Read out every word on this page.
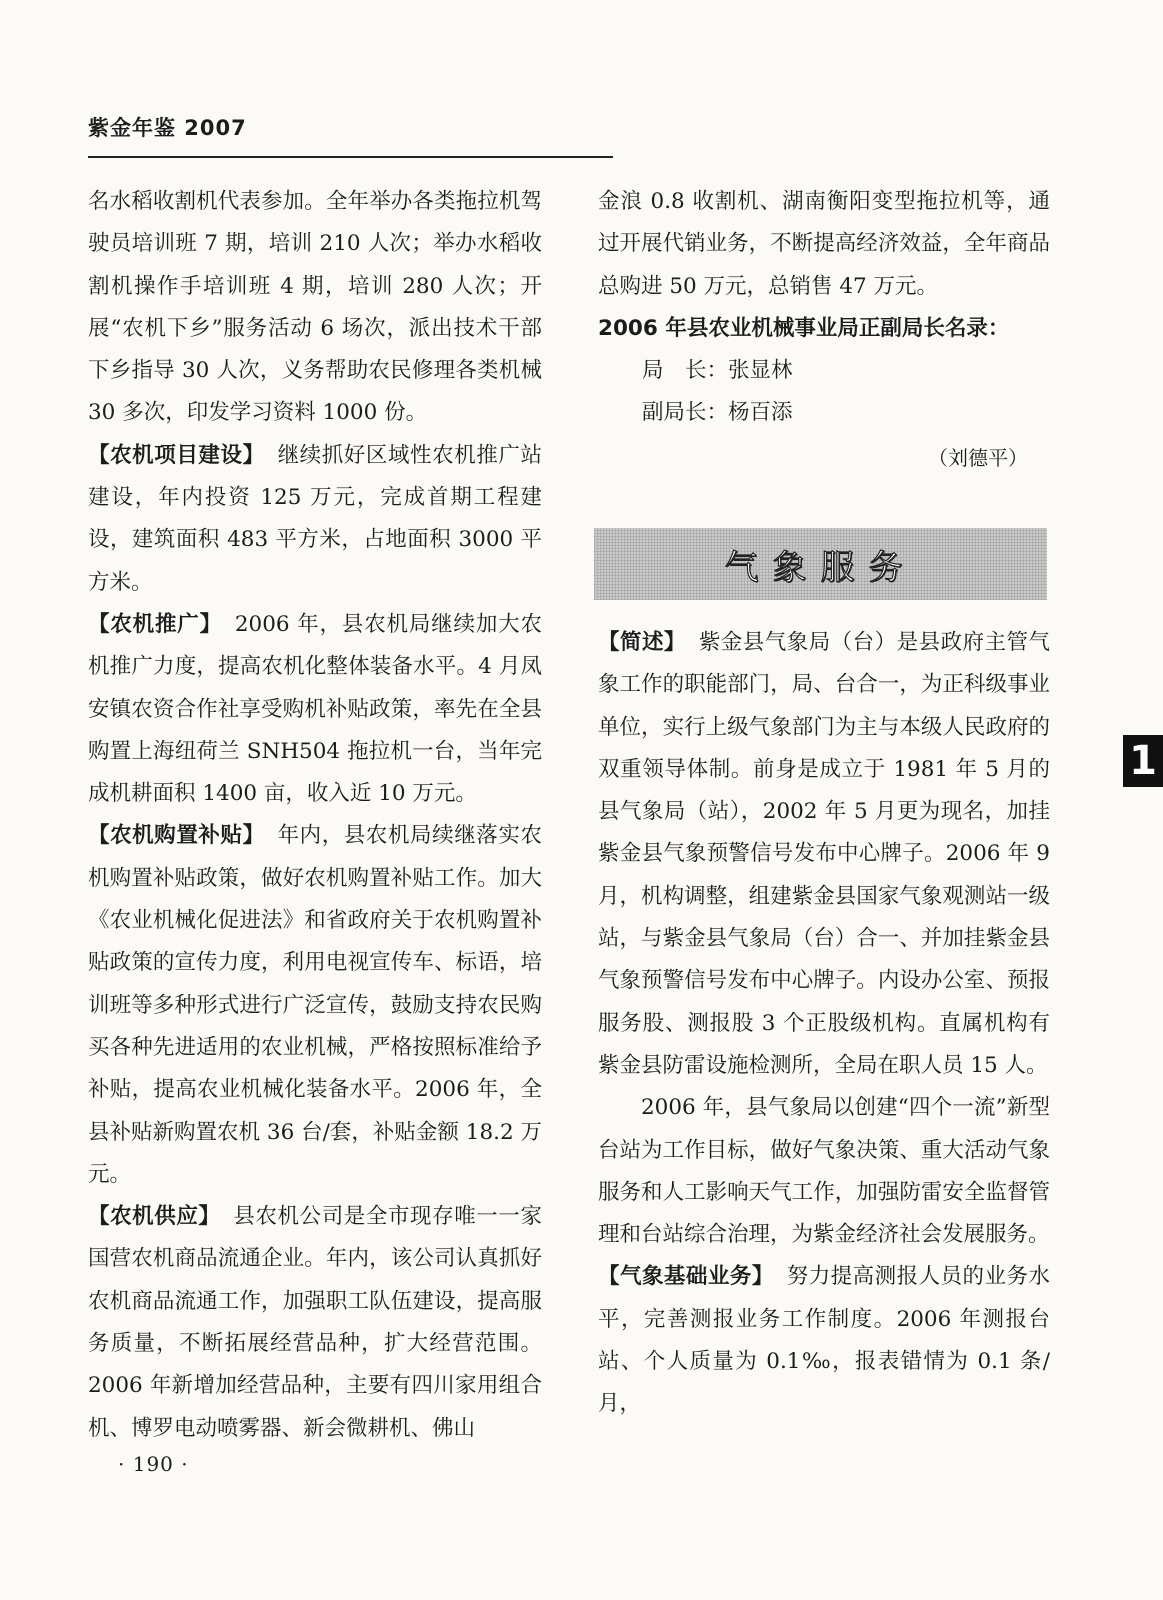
紫金年鉴 2007

名水稻收割机代表参加。全年举办各类拖拉机驾驶员培训班 7 期，培训 210 人次；举办水稻收割机操作手培训班 4 期，培训 280 人次；开展“农机下乡”服务活动 6 场次，派出技术干部下乡指导 30 人次，义务帮助农民修理各类机械 30 多次，印发学习资料 1000 份。

【农机项目建设】 继续抓好区域性农机推广站建设，年内投资 125 万元，完成首期工程建设，建筑面积 483 平方米，占地面积 3000 平方米。

【农机推广】 2006 年，县农机局继续加大农机推广力度，提高农机化整体装备水平。4 月凤安镇农资合作社享受购机补贴政策，率先在全县购置上海纽荷兰 SNH504 拖拉机一台，当年完成机耕面积 1400 亩，收入近 10 万元。

【农机购置补贴】 年内，县农机局续继落实农机购置补贴政策，做好农机购置补贴工作。加大《农业机械化促进法》和省政府关于农机购置补贴政策的宣传力度，利用电视宣传车、标语，培训班等多种形式进行广泛宣传，鼓励支持农民购买各种先进适用的农业机械，严格按照标准给予补贴，提高农业机械化装备水平。2006 年，全县补贴新购置农机 36 台/套，补贴金额 18.2 万元。

【农机供应】 县农机公司是全市现存唯一一家国营农机商品流通企业。年内，该公司认真抓好农机商品流通工作，加强职工队伍建设，提高服务质量，不断拓展经营品种，扩大经营范围。2006 年新增加经营品种，主要有四川家用组合机、博罗电动喷雾器、新会微耕机、佛山

金浪 0.8 收割机、湖南衡阳变型拖拉机等，通过开展代销业务，不断提高经济效益，全年商品总购进 50 万元，总销售 47 万元。

2006 年县农业机械事业局正副局长名录：
局　长：张显林
副局长：杨百添
（刘德平）
气象服务

【简述】 紫金县气象局（台）是县政府主管气象工作的职能部门，局、台合一，为正科级事业单位，实行上级气象部门为主与本级人民政府的双重领导体制。前身是成立于 1981 年 5 月的县气象局（站），2002 年 5 月更为现名，加挂紫金县气象预警信号发布中心牌子。2006 年 9 月，机构调整，组建紫金县国家气象观测站一级站，与紫金县气象局（台）合一、并加挂紫金县气象预警信号发布中心牌子。内设办公室、预报服务股、测报股 3 个正股级机构。直属机构有紫金县防雷设施检测所，全局在职人员 15 人。

2006 年，县气象局以创建“四个一流”新型台站为工作目标，做好气象决策、重大活动气象服务和人工影响天气工作，加强防雷安全监督管理和台站综合治理，为紫金经济社会发展服务。

【气象基础业务】 努力提高测报人员的业务水平，完善测报业务工作制度。2006 年测报台站、个人质量为 0.1‰，报表错情为 0.1 条/月，

· 190 ·
1
